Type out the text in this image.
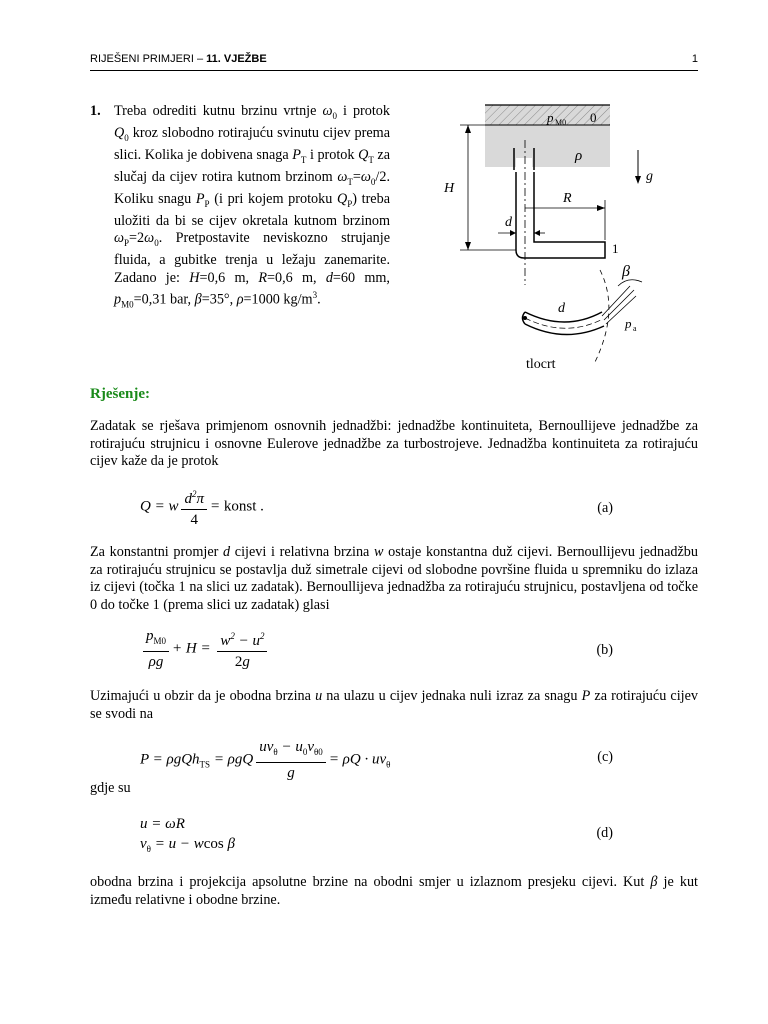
RIJEŠENI PRIMJERI – 11. VJEŽBE	1
1. Treba odrediti kutnu brzinu vrtnje $\omega_0$ i protok $Q_0$ kroz slobodno rotirajuću svinutu cijev prema slici. Kolika je dobivena snaga $P_T$ i protok $Q_T$ za slučaj da cijev rotira kutnom brzinom $\omega_T=\omega_0/2$. Koliku snagu $P_P$ (i pri kojem protoku $Q_P$) treba uložiti da bi se cijev okretala kutnom brzinom $\omega_P=2\omega_0$. Pretpostavite neviskozno strujanje fluida, a gubitke trenja u ležaju zanemarite. Zadano je: H=0,6 m, R=0,6 m, d=60 mm, $p_{M0}=0,31$ bar, β=35°, ρ=1000 $kg/m^3$.
H
R
d
p M0 0
ρ
g
1
β
d
p a
tlocrt
Rješenje:
Zadatak se rješava primjenom osnovnih jednadžbi: jednadžbe kontinuiteta, Bernoullijeve jednadžbe za rotirajuću strujnicu i osnovne Eulerove jednadžbe za turbostrojeve. Jednadžba kontinuiteta za rotirajuću cijev kaže da je protok
Q = w $\frac{d^2\pi}{4}$ = konst .	(a)
Za konstantni promjer d cijevi i relativna brzina w ostaje konstantna duž cijevi. Bernoullijevu jednadžbu za rotirajuću strujnicu se postavlja duž simetrale cijevi od slobodne površine fluida u spremniku do izlaza iz cijevi (točka 1 na slici uz zadatak). Bernoullijeva jednadžba za rotirajuću strujnicu, postavljena od točke 0 do točke 1 (prema slici uz zadatak) glasi
$\frac{p_{M0}}{\rho g} + H = \frac{w^2 - u^2}{2g}$	(b)
Uzimajući u obzir da je obodna brzina u na ulazu u cijev jednaka nuli izraz za snagu P za rotirajuću cijev se svodi na
P = ρgQh$_{TS}$ = ρgQ $\frac{uv_\theta - u_0v_{\theta 0}}{g} = \rho Q \cdot uv_\theta$	(c)
gdje su
u = ωR
$v_\theta = u - wcos$ β
(d)
obodna brzina i projekcija apsolutne brzine na obodni smjer u izlaznom presjeku cijevi. Kut β je kut između relativne i obodne brzine.
